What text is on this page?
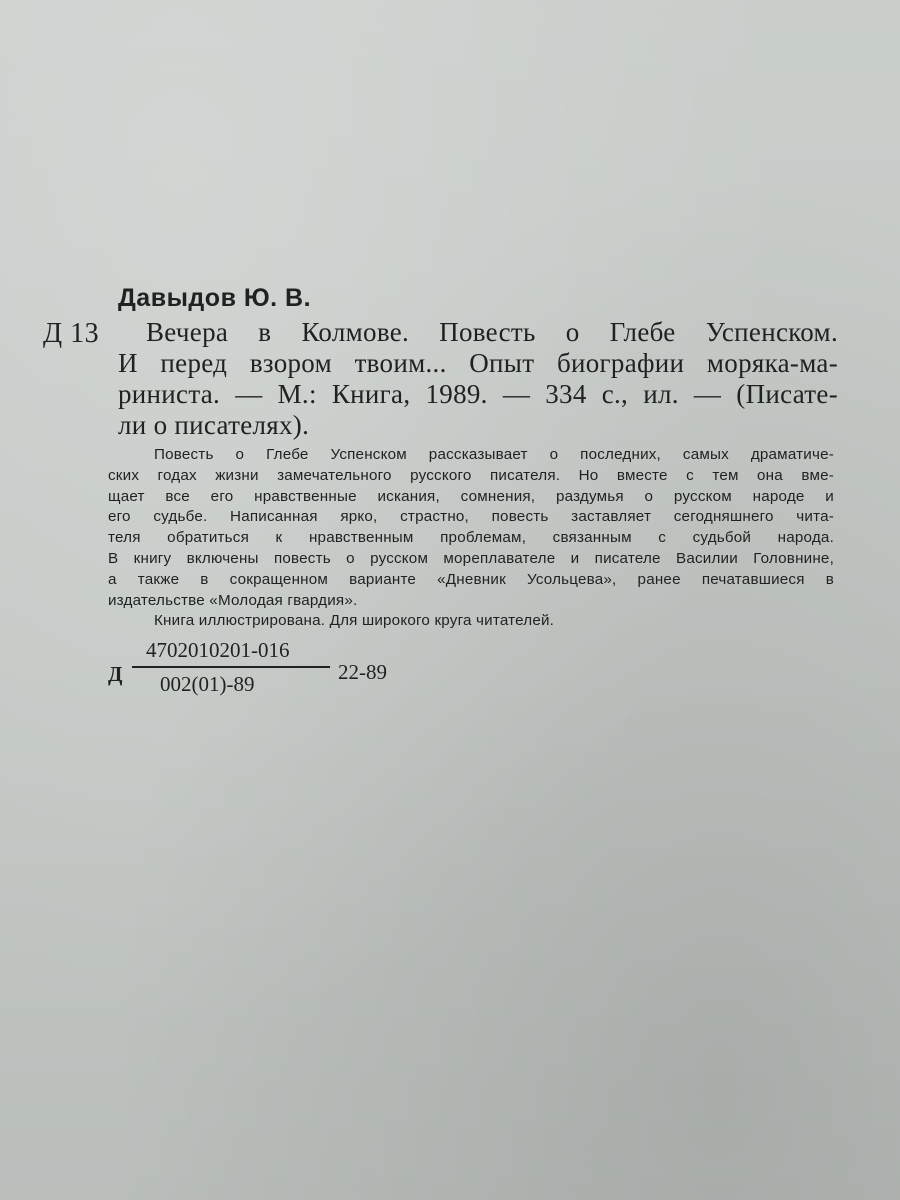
Давыдов Ю. В.
Д 13	Вечера в Колмове. Повесть о Глебе Успенском.
И перед взором твоим... Опыт биографии моряка-ма-
риниста. — М.: Книга, 1989. — 334 с., ил. — (Писате-
ли о писателях).
Повесть о Глебе Успенском рассказывает о последних, самых драматиче-
ских годах жизни замечательного русского писателя. Но вместе с тем она вме-
щает все его нравственные искания, сомнения, раздумья о русском народе и
его судьбе. Написанная ярко, страстно, повесть заставляет сегодняшнего чита-
теля обратиться к нравственным проблемам, связанным с судьбой народа.
В книгу включены повесть о русском мореплавателе и писателе Василии Головнине,
а также в сокращенном варианте «Дневник Усольцева», ранее печатавшиеся в
издательстве «Молодая гвардия».
Книга иллюстрирована. Для широкого круга читателей.
Д
4702010201-016
002(01)-89	22-89
